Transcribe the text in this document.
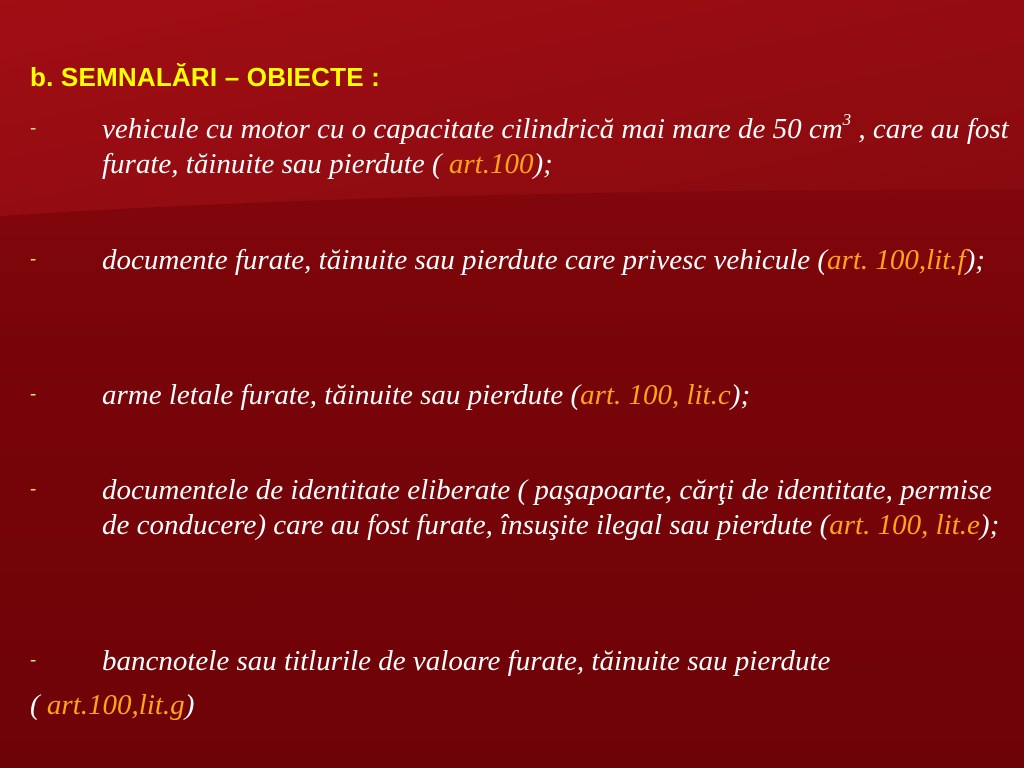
b. SEMNALĂRI – OBIECTE :
- vehicule cu motor cu o capacitate cilindrică mai mare de 50 $cm^3$ , care au fost furate, tăinuite sau pierdute ( art.100);
- documente furate, tăinuite sau pierdute care privesc vehicule (art. 100,lit.f);
- arme letale furate, tăinuite sau pierdute (art. 100, lit.c);
- documentele de identitate eliberate ( paşapoarte, cărţi de identitate, permise de conducere) care au fost furate, însuşite ilegal sau pierdute (art. 100, lit.e);
- bancnotele sau titlurile de valoare furate, tăinuite sau pierdute
( art.100,lit.g)
